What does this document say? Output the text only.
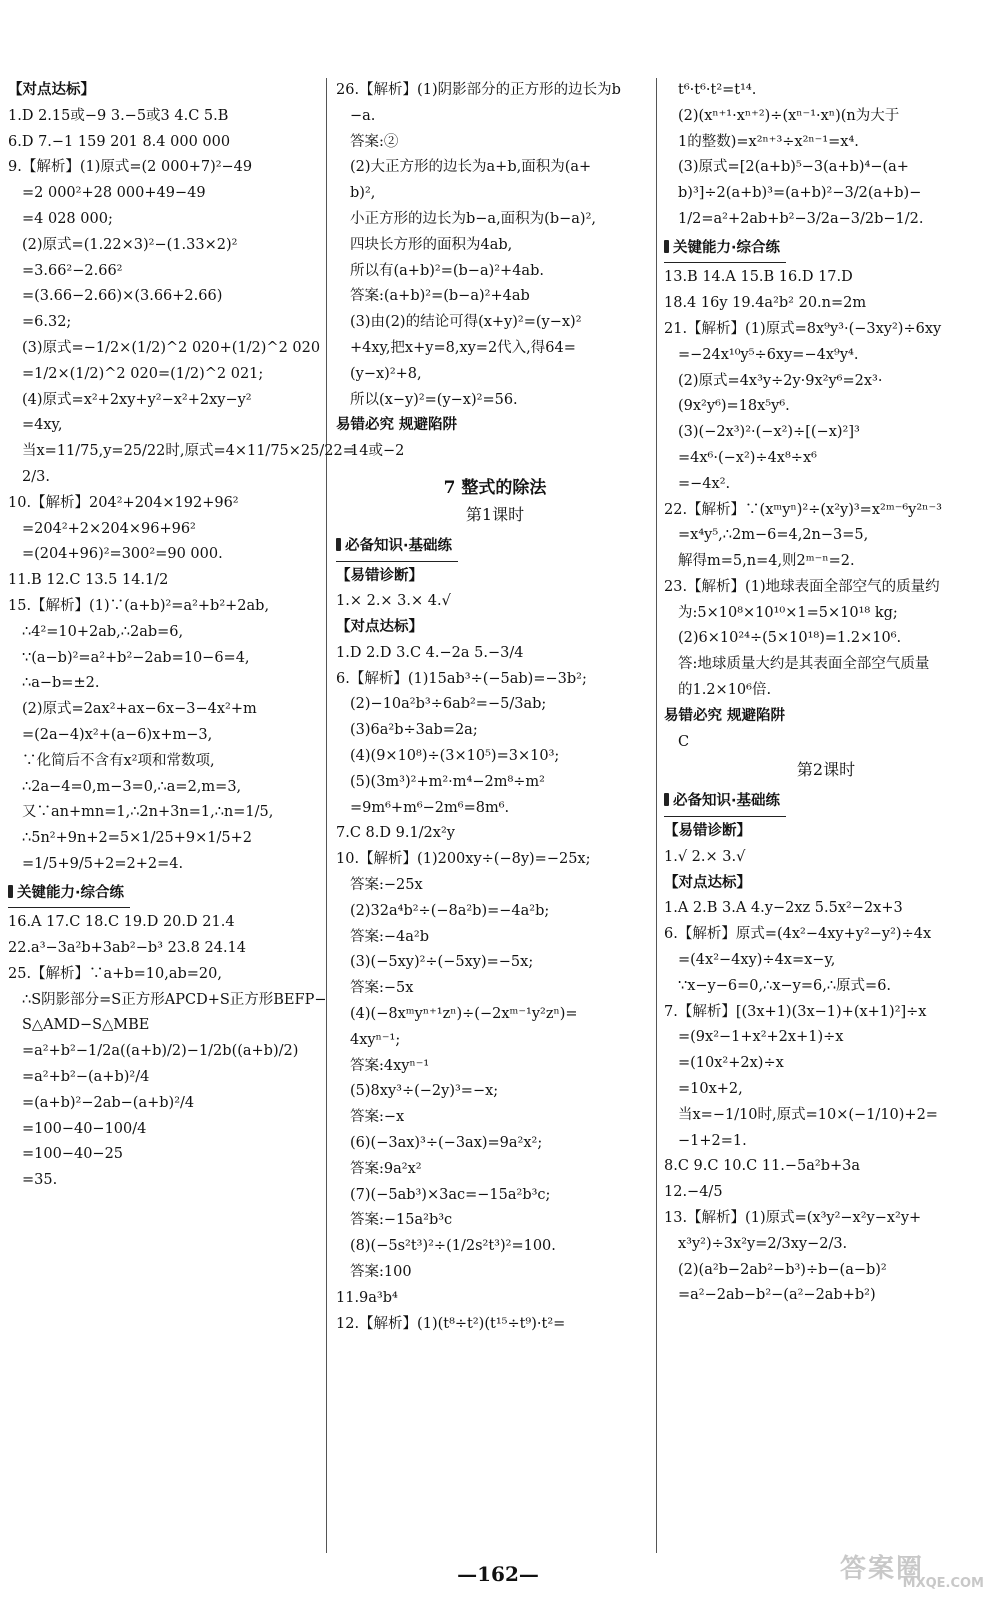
【对点达标】

1.D 2.15或−9 3.−5或3 4.C 5.B

6.D 7.−1 159 201 8.4 000 000

9.【解析】(1)原式=(2 000+7)²−49

=2 000²+28 000+49−49

=4 028 000;

(2)原式=(1.22×3)²−(1.33×2)²

=3.66²−2.66²

=(3.66−2.66)×(3.66+2.66)

=6.32;

(3)原式=−1/2×(1/2)^2 020+(1/2)^2 020

=1/2×(1/2)^2 020=(1/2)^2 021;

(4)原式=x²+2xy+y²−x²+2xy−y²

=4xy,

当x=11/75,y=25/22时,原式=4×11/75×25/22=

2/3.

10.【解析】204²+204×192+96²

=204²+2×204×96+96²

=(204+96)²=300²=90 000.

11.B 12.C 13.5 14.1/2

15.【解析】(1)∵(a+b)²=a²+b²+2ab,

∴4²=10+2ab,∴2ab=6,

∵(a−b)²=a²+b²−2ab=10−6=4,

∴a−b=±2.

(2)原式=2ax²+ax−6x−3−4x²+m

=(2a−4)x²+(a−6)x+m−3,

∵化简后不含有x²项和常数项,

∴2a−4=0,m−3=0,∴a=2,m=3,

又∵an+mn=1,∴2n+3n=1,∴n=1/5,

∴5n²+9n+2=5×1/25+9×1/5+2

=1/5+9/5+2=2+2=4.

关键能力·综合练

16.A 17.C 18.C 19.D 20.D 21.4

22.a³−3a²b+3ab²−b³ 23.8 24.14

25.【解析】∵a+b=10,ab=20,

∴S阴影部分=S正方形APCD+S正方形BEFP−

S△AMD−S△MBE

=a²+b²−1/2a((a+b)/2)−1/2b((a+b)/2)

=a²+b²−(a+b)²/4

=(a+b)²−2ab−(a+b)²/4

=100−40−100/4

=100−40−25

=35.

26.【解析】(1)阴影部分的正方形的边长为b

−a.

答案:②

(2)大正方形的边长为a+b,面积为(a+

b)²,

小正方形的边长为b−a,面积为(b−a)²,

四块长方形的面积为4ab,

所以有(a+b)²=(b−a)²+4ab.

答案:(a+b)²=(b−a)²+4ab

(3)由(2)的结论可得(x+y)²=(y−x)²

+4xy,把x+y=8,xy=2代入,得64=

(y−x)²+8,

所以(x−y)²=(y−x)²=56.

易错必究 规避陷阱

14或−2

7 整式的除法
第1课时
必备知识·基础练

【易错诊断】

1.× 2.× 3.× 4.√

【对点达标】

1.D 2.D 3.C 4.−2a 5.−3/4

6.【解析】(1)15ab³÷(−5ab)=−3b²;

(2)−10a²b³÷6ab²=−5/3ab;

(3)6a²b÷3ab=2a;

(4)(9×10⁸)÷(3×10⁵)=3×10³;

(5)(3m³)²+m²·m⁴−2m⁸÷m²

=9m⁶+m⁶−2m⁶=8m⁶.

7.C 8.D 9.1/2x²y

10.【解析】(1)200xy÷(−8y)=−25x;

答案:−25x

(2)32a⁴b²÷(−8a²b)=−4a²b;

答案:−4a²b

(3)(−5xy)²÷(−5xy)=−5x;

答案:−5x

(4)(−8xᵐyⁿ⁺¹zⁿ)÷(−2xᵐ⁻¹y²zⁿ)=

4xyⁿ⁻¹;

答案:4xyⁿ⁻¹

(5)8xy³÷(−2y)³=−x;

答案:−x

(6)(−3ax)³÷(−3ax)=9a²x²;

答案:9a²x²

(7)(−5ab³)×3ac=−15a²b³c;

答案:−15a²b³c

(8)(−5s²t³)²÷(1/2s²t³)²=100.

答案:100

11.9a³b⁴

12.【解析】(1)(t⁸÷t²)(t¹⁵÷t⁹)·t²=

t⁶·t⁶·t²=t¹⁴.

(2)(xⁿ⁺¹·xⁿ⁺²)÷(xⁿ⁻¹·xⁿ)(n为大于

1的整数)=x²ⁿ⁺³÷x²ⁿ⁻¹=x⁴.

(3)原式=[2(a+b)⁵−3(a+b)⁴−(a+

b)³]÷2(a+b)³=(a+b)²−3/2(a+b)−

1/2=a²+2ab+b²−3/2a−3/2b−1/2.

关键能力·综合练

13.B 14.A 15.B 16.D 17.D

18.4 16y 19.4a²b² 20.n=2m

21.【解析】(1)原式=8x⁹y³·(−3xy²)÷6xy

=−24x¹⁰y⁵÷6xy=−4x⁹y⁴.

(2)原式=4x³y÷2y·9x²y⁶=2x³·

(9x²y⁶)=18x⁵y⁶.

(3)(−2x³)²·(−x²)÷[(−x)²]³

=4x⁶·(−x²)÷4x⁸÷x⁶

=−4x².

22.【解析】∵(xᵐyⁿ)²÷(x²y)³=x²ᵐ⁻⁶y²ⁿ⁻³

=x⁴y⁵,∴2m−6=4,2n−3=5,

解得m=5,n=4,则2ᵐ⁻ⁿ=2.

23.【解析】(1)地球表面全部空气的质量约

为:5×10⁸×10¹⁰×1=5×10¹⁸ kg;

(2)6×10²⁴÷(5×10¹⁸)=1.2×10⁶.

答:地球质量大约是其表面全部空气质量

的1.2×10⁶倍.

易错必究 规避陷阱

C

第2课时
必备知识·基础练

【易错诊断】

1.√ 2.× 3.√

【对点达标】

1.A 2.B 3.A 4.y−2xz 5.5x²−2x+3

6.【解析】原式=(4x²−4xy+y²−y²)÷4x

=(4x²−4xy)÷4x=x−y,

∵x−y−6=0,∴x−y=6,∴原式=6.

7.【解析】[(3x+1)(3x−1)+(x+1)²]÷x

=(9x²−1+x²+2x+1)÷x

=(10x²+2x)÷x

=10x+2,

当x=−1/10时,原式=10×(−1/10)+2=

−1+2=1.

8.C 9.C 10.C 11.−5a²b+3a

12.−4/5

13.【解析】(1)原式=(x³y²−x²y−x²y+

x³y²)÷3x²y=2/3xy−2/3.

(2)(a²b−2ab²−b³)÷b−(a−b)²

=a²−2ab−b²−(a²−2ab+b²)

—162—	答案圈
MXQE.COM
